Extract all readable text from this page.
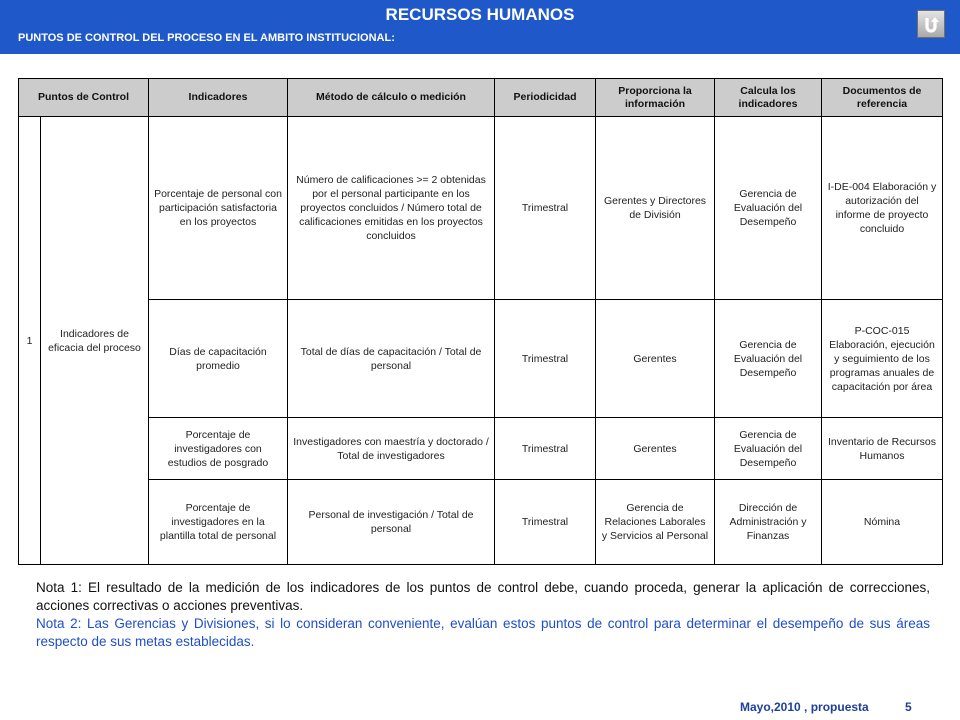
RECURSOS HUMANOS
PUNTOS DE CONTROL DEL PROCESO EN EL AMBITO INSTITUCIONAL:
Puntos de Control		Indicadores	Método de cálculo o medición	Periodicidad	Proporciona la información	Calcula los indicadores	Documentos de referencia
1	Indicadores de eficacia del proceso	Porcentaje de personal con participación satisfactoria en los proyectos	Número de calificaciones >= 2 obtenidas por el personal participante en los proyectos concluidos / Número total de calificaciones emitidas en los proyectos concluidos	Trimestral	Gerentes y Directores de División	Gerencia de Evaluación del Desempeño	I-DE-004 Elaboración y autorización del informe de proyecto concluido
		Días de capacitación promedio	Total de días de capacitación / Total de personal	Trimestral	Gerentes	Gerencia de Evaluación del Desempeño	P-COC-015 Elaboración, ejecución y seguimiento de los programas anuales de capacitación por área
		Porcentaje de investigadores con estudios de posgrado	Investigadores con maestría y doctorado / Total de investigadores	Trimestral	Gerentes	Gerencia de Evaluación del Desempeño	Inventario de Recursos Humanos
		Porcentaje de investigadores en la plantilla total de personal	Personal de investigación / Total de personal	Trimestral	Gerencia de Relaciones Laborales y Servicios al Personal	Dirección de Administración y Finanzas	Nómina
Nota 1: El resultado de la medición de los indicadores de los puntos de control debe, cuando proceda, generar la aplicación de correcciones, acciones correctivas o acciones preventivas.
Nota 2: Las Gerencias y Divisiones, si lo consideran conveniente, evalúan estos puntos de control para determinar el desempeño de sus áreas respecto de sus metas establecidas.
Mayo,2010 , propuesta	5
